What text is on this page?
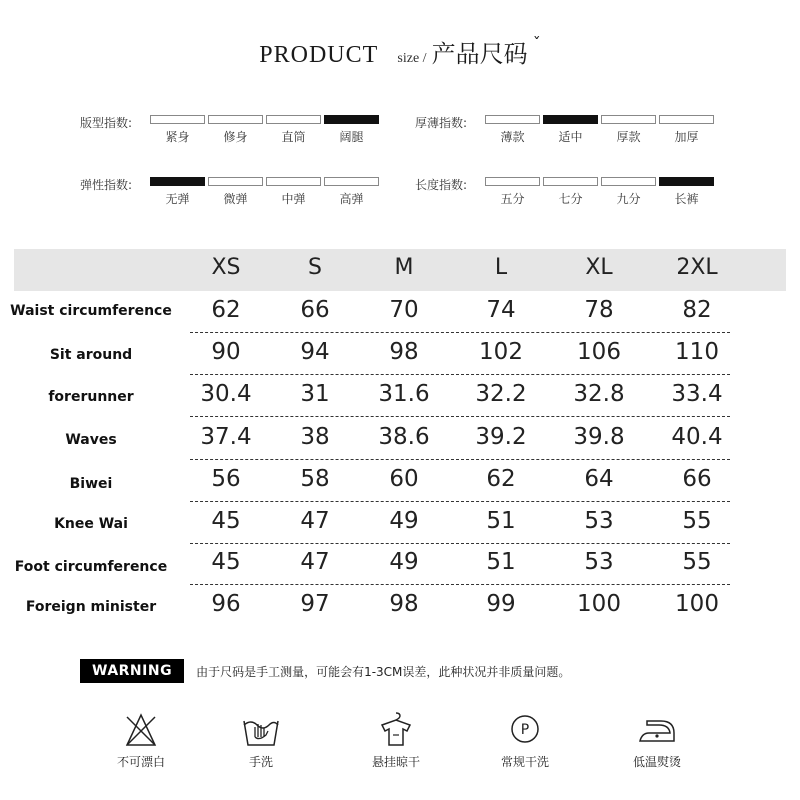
PRODUCT size / 产品尺码 ˇ
版型指数:
紧身	修身	直筒	阔腿
厚薄指数:
薄款	适中	厚款	加厚
弹性指数:
无弹	微弹	中弹	高弹
长度指数:
五分	七分	九分	长裤
XS	S	M	L	XL	2XL
Waist circumference	62	66	70	74	78	82
Sit around	90	94	98	102	106	110
forerunner	30.4	31	31.6	32.2	32.8	33.4
Waves	37.4	38	38.6	39.2	39.8	40.4
Biwei	56	58	60	62	64	66
Knee Wai	45	47	49	51	53	55
Foot circumference	45	47	49	51	53	55
Foreign minister	96	97	98	99	100	100
WARNING	由于尺码是手工测量，可能会有1-3CM误差，此种状况并非质量问题。
不可漂白	手洗	悬挂晾干
P
常规干洗	低温熨烫
